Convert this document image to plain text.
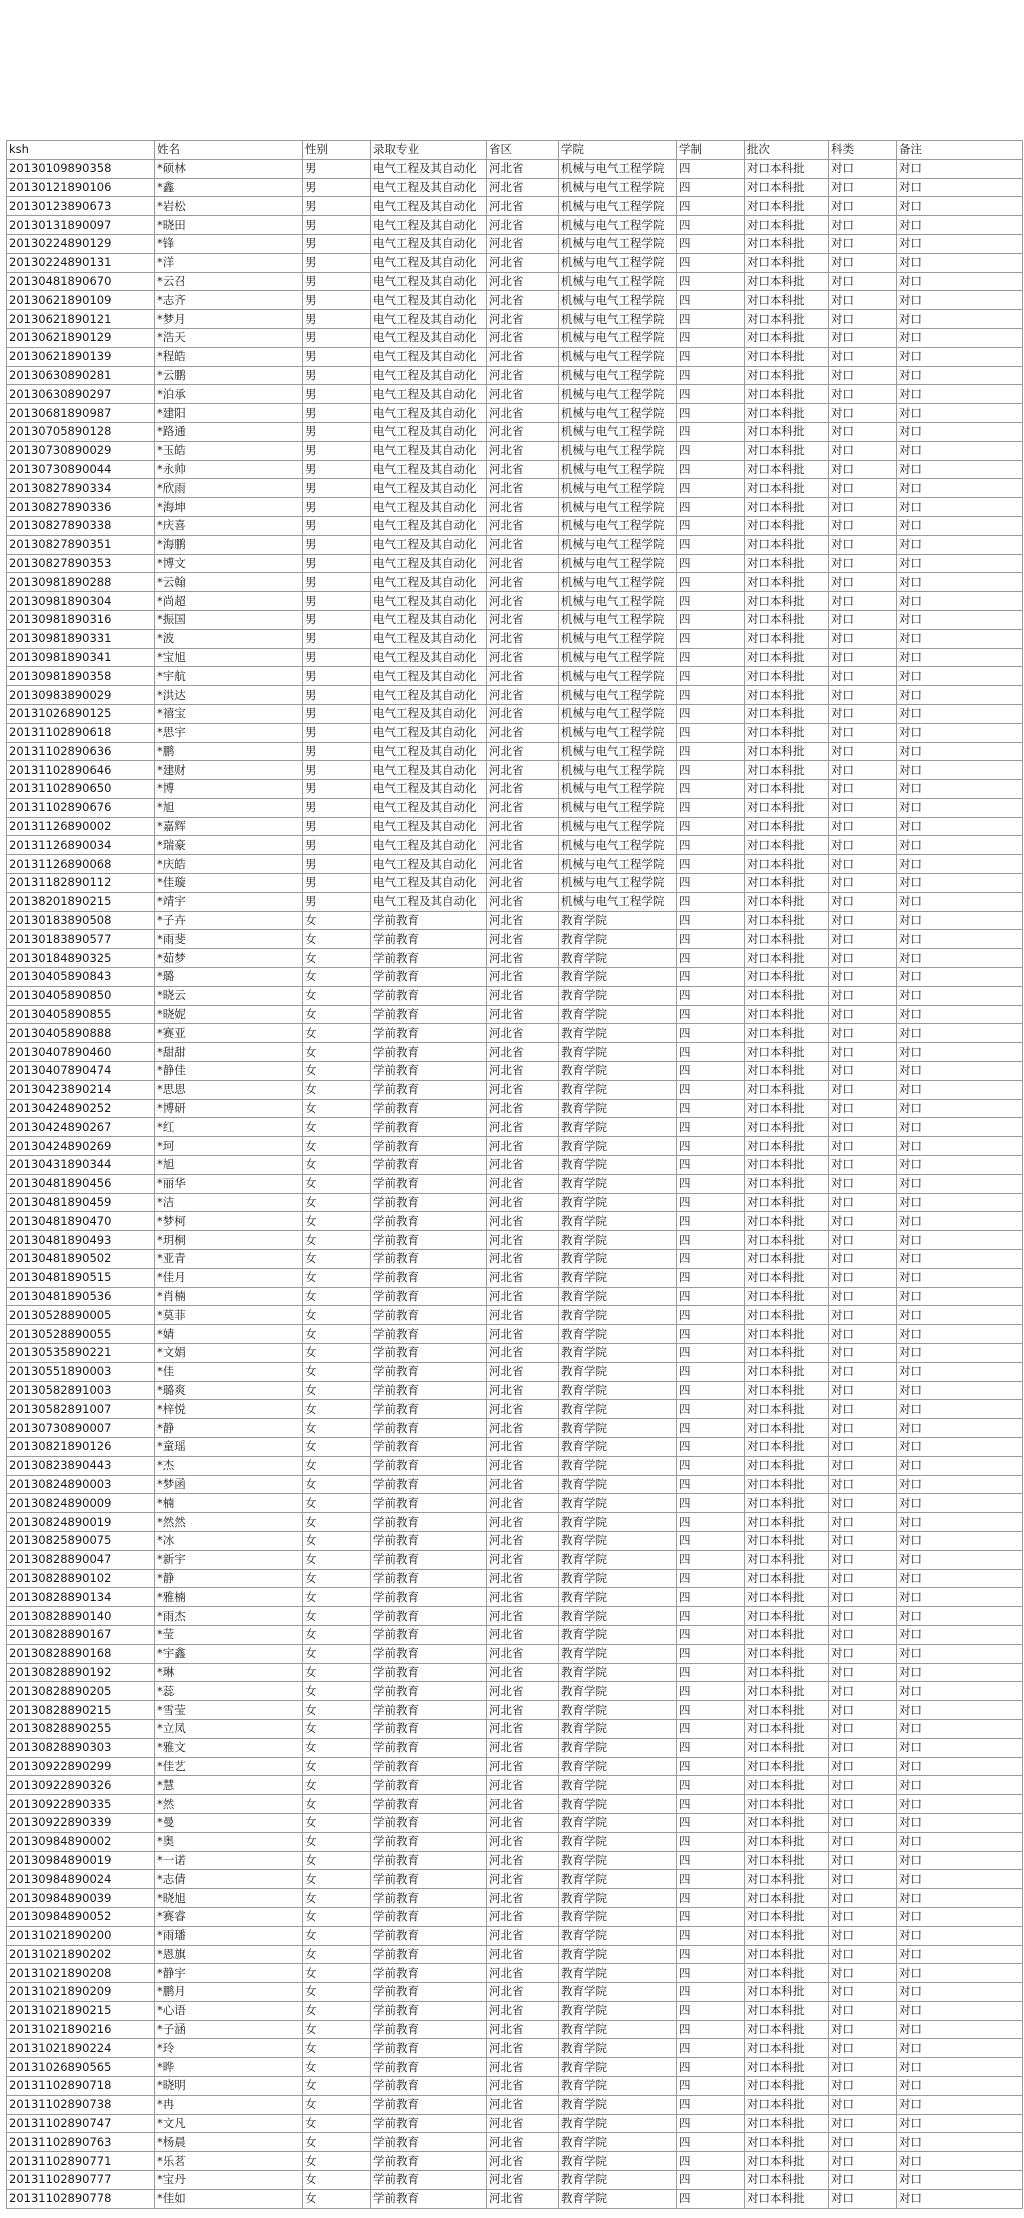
ksh	姓名	性别	录取专业	省区	学院	学制	批次	科类	备注
20130109890358	*硕林	男	电气工程及其自动化	河北省	机械与电气工程学院	四	对口本科批	对口	对口
20130121890106	*鑫	男	电气工程及其自动化	河北省	机械与电气工程学院	四	对口本科批	对口	对口
20130123890673	*岩松	男	电气工程及其自动化	河北省	机械与电气工程学院	四	对口本科批	对口	对口
20130131890097	*晓田	男	电气工程及其自动化	河北省	机械与电气工程学院	四	对口本科批	对口	对口
20130224890129	*锋	男	电气工程及其自动化	河北省	机械与电气工程学院	四	对口本科批	对口	对口
20130224890131	*洋	男	电气工程及其自动化	河北省	机械与电气工程学院	四	对口本科批	对口	对口
20130481890670	*云召	男	电气工程及其自动化	河北省	机械与电气工程学院	四	对口本科批	对口	对口
20130621890109	*志齐	男	电气工程及其自动化	河北省	机械与电气工程学院	四	对口本科批	对口	对口
20130621890121	*梦月	男	电气工程及其自动化	河北省	机械与电气工程学院	四	对口本科批	对口	对口
20130621890129	*浩天	男	电气工程及其自动化	河北省	机械与电气工程学院	四	对口本科批	对口	对口
20130621890139	*程皓	男	电气工程及其自动化	河北省	机械与电气工程学院	四	对口本科批	对口	对口
20130630890281	*云鹏	男	电气工程及其自动化	河北省	机械与电气工程学院	四	对口本科批	对口	对口
20130630890297	*泊承	男	电气工程及其自动化	河北省	机械与电气工程学院	四	对口本科批	对口	对口
20130681890987	*建阳	男	电气工程及其自动化	河北省	机械与电气工程学院	四	对口本科批	对口	对口
20130705890128	*路通	男	电气工程及其自动化	河北省	机械与电气工程学院	四	对口本科批	对口	对口
20130730890029	*玉皓	男	电气工程及其自动化	河北省	机械与电气工程学院	四	对口本科批	对口	对口
20130730890044	*永帅	男	电气工程及其自动化	河北省	机械与电气工程学院	四	对口本科批	对口	对口
20130827890334	*欣雨	男	电气工程及其自动化	河北省	机械与电气工程学院	四	对口本科批	对口	对口
20130827890336	*海坤	男	电气工程及其自动化	河北省	机械与电气工程学院	四	对口本科批	对口	对口
20130827890338	*庆喜	男	电气工程及其自动化	河北省	机械与电气工程学院	四	对口本科批	对口	对口
20130827890351	*海鹏	男	电气工程及其自动化	河北省	机械与电气工程学院	四	对口本科批	对口	对口
20130827890353	*博文	男	电气工程及其自动化	河北省	机械与电气工程学院	四	对口本科批	对口	对口
20130981890288	*云翰	男	电气工程及其自动化	河北省	机械与电气工程学院	四	对口本科批	对口	对口
20130981890304	*尚超	男	电气工程及其自动化	河北省	机械与电气工程学院	四	对口本科批	对口	对口
20130981890316	*振国	男	电气工程及其自动化	河北省	机械与电气工程学院	四	对口本科批	对口	对口
20130981890331	*波	男	电气工程及其自动化	河北省	机械与电气工程学院	四	对口本科批	对口	对口
20130981890341	*宝旭	男	电气工程及其自动化	河北省	机械与电气工程学院	四	对口本科批	对口	对口
20130981890358	*宇航	男	电气工程及其自动化	河北省	机械与电气工程学院	四	对口本科批	对口	对口
20130983890029	*洪达	男	电气工程及其自动化	河北省	机械与电气工程学院	四	对口本科批	对口	对口
20131026890125	*禧宝	男	电气工程及其自动化	河北省	机械与电气工程学院	四	对口本科批	对口	对口
20131102890618	*思宇	男	电气工程及其自动化	河北省	机械与电气工程学院	四	对口本科批	对口	对口
20131102890636	*鹏	男	电气工程及其自动化	河北省	机械与电气工程学院	四	对口本科批	对口	对口
20131102890646	*建财	男	电气工程及其自动化	河北省	机械与电气工程学院	四	对口本科批	对口	对口
20131102890650	*博	男	电气工程及其自动化	河北省	机械与电气工程学院	四	对口本科批	对口	对口
20131102890676	*旭	男	电气工程及其自动化	河北省	机械与电气工程学院	四	对口本科批	对口	对口
20131126890002	*嘉辉	男	电气工程及其自动化	河北省	机械与电气工程学院	四	对口本科批	对口	对口
20131126890034	*瑞豪	男	电气工程及其自动化	河北省	机械与电气工程学院	四	对口本科批	对口	对口
20131126890068	*庆皓	男	电气工程及其自动化	河北省	机械与电气工程学院	四	对口本科批	对口	对口
20131182890112	*佳璇	男	电气工程及其自动化	河北省	机械与电气工程学院	四	对口本科批	对口	对口
20138201890215	*靖宇	男	电气工程及其自动化	河北省	机械与电气工程学院	四	对口本科批	对口	对口
20130183890508	*子卉	女	学前教育	河北省	教育学院	四	对口本科批	对口	对口
20130183890577	*雨斐	女	学前教育	河北省	教育学院	四	对口本科批	对口	对口
20130184890325	*茹梦	女	学前教育	河北省	教育学院	四	对口本科批	对口	对口
20130405890843	*璐	女	学前教育	河北省	教育学院	四	对口本科批	对口	对口
20130405890850	*晓云	女	学前教育	河北省	教育学院	四	对口本科批	对口	对口
20130405890855	*晓妮	女	学前教育	河北省	教育学院	四	对口本科批	对口	对口
20130405890888	*赛亚	女	学前教育	河北省	教育学院	四	对口本科批	对口	对口
20130407890460	*甜甜	女	学前教育	河北省	教育学院	四	对口本科批	对口	对口
20130407890474	*静佳	女	学前教育	河北省	教育学院	四	对口本科批	对口	对口
20130423890214	*思思	女	学前教育	河北省	教育学院	四	对口本科批	对口	对口
20130424890252	*博研	女	学前教育	河北省	教育学院	四	对口本科批	对口	对口
20130424890267	*红	女	学前教育	河北省	教育学院	四	对口本科批	对口	对口
20130424890269	*珂	女	学前教育	河北省	教育学院	四	对口本科批	对口	对口
20130431890344	*旭	女	学前教育	河北省	教育学院	四	对口本科批	对口	对口
20130481890456	*丽华	女	学前教育	河北省	教育学院	四	对口本科批	对口	对口
20130481890459	*洁	女	学前教育	河北省	教育学院	四	对口本科批	对口	对口
20130481890470	*梦柯	女	学前教育	河北省	教育学院	四	对口本科批	对口	对口
20130481890493	*玥桐	女	学前教育	河北省	教育学院	四	对口本科批	对口	对口
20130481890502	*亚青	女	学前教育	河北省	教育学院	四	对口本科批	对口	对口
20130481890515	*佳月	女	学前教育	河北省	教育学院	四	对口本科批	对口	对口
20130481890536	*肖楠	女	学前教育	河北省	教育学院	四	对口本科批	对口	对口
20130528890005	*莫菲	女	学前教育	河北省	教育学院	四	对口本科批	对口	对口
20130528890055	*婧	女	学前教育	河北省	教育学院	四	对口本科批	对口	对口
20130535890221	*文娟	女	学前教育	河北省	教育学院	四	对口本科批	对口	对口
20130551890003	*佳	女	学前教育	河北省	教育学院	四	对口本科批	对口	对口
20130582891003	*璐爽	女	学前教育	河北省	教育学院	四	对口本科批	对口	对口
20130582891007	*梓悦	女	学前教育	河北省	教育学院	四	对口本科批	对口	对口
20130730890007	*静	女	学前教育	河北省	教育学院	四	对口本科批	对口	对口
20130821890126	*童瑶	女	学前教育	河北省	教育学院	四	对口本科批	对口	对口
20130823890443	*杰	女	学前教育	河北省	教育学院	四	对口本科批	对口	对口
20130824890003	*梦函	女	学前教育	河北省	教育学院	四	对口本科批	对口	对口
20130824890009	*楠	女	学前教育	河北省	教育学院	四	对口本科批	对口	对口
20130824890019	*然然	女	学前教育	河北省	教育学院	四	对口本科批	对口	对口
20130825890075	*冰	女	学前教育	河北省	教育学院	四	对口本科批	对口	对口
20130828890047	*新宇	女	学前教育	河北省	教育学院	四	对口本科批	对口	对口
20130828890102	*静	女	学前教育	河北省	教育学院	四	对口本科批	对口	对口
20130828890134	*雅楠	女	学前教育	河北省	教育学院	四	对口本科批	对口	对口
20130828890140	*雨杰	女	学前教育	河北省	教育学院	四	对口本科批	对口	对口
20130828890167	*莹	女	学前教育	河北省	教育学院	四	对口本科批	对口	对口
20130828890168	*宇鑫	女	学前教育	河北省	教育学院	四	对口本科批	对口	对口
20130828890192	*琳	女	学前教育	河北省	教育学院	四	对口本科批	对口	对口
20130828890205	*蕊	女	学前教育	河北省	教育学院	四	对口本科批	对口	对口
20130828890215	*雪莹	女	学前教育	河北省	教育学院	四	对口本科批	对口	对口
20130828890255	*立凤	女	学前教育	河北省	教育学院	四	对口本科批	对口	对口
20130828890303	*雅文	女	学前教育	河北省	教育学院	四	对口本科批	对口	对口
20130922890299	*佳艺	女	学前教育	河北省	教育学院	四	对口本科批	对口	对口
20130922890326	*慧	女	学前教育	河北省	教育学院	四	对口本科批	对口	对口
20130922890335	*然	女	学前教育	河北省	教育学院	四	对口本科批	对口	对口
20130922890339	*曼	女	学前教育	河北省	教育学院	四	对口本科批	对口	对口
20130984890002	*奥	女	学前教育	河北省	教育学院	四	对口本科批	对口	对口
20130984890019	*一诺	女	学前教育	河北省	教育学院	四	对口本科批	对口	对口
20130984890024	*志倩	女	学前教育	河北省	教育学院	四	对口本科批	对口	对口
20130984890039	*晓旭	女	学前教育	河北省	教育学院	四	对口本科批	对口	对口
20130984890052	*赛睿	女	学前教育	河北省	教育学院	四	对口本科批	对口	对口
20131021890200	*雨璠	女	学前教育	河北省	教育学院	四	对口本科批	对口	对口
20131021890202	*恩旗	女	学前教育	河北省	教育学院	四	对口本科批	对口	对口
20131021890208	*静宇	女	学前教育	河北省	教育学院	四	对口本科批	对口	对口
20131021890209	*鹏月	女	学前教育	河北省	教育学院	四	对口本科批	对口	对口
20131021890215	*心语	女	学前教育	河北省	教育学院	四	对口本科批	对口	对口
20131021890216	*子涵	女	学前教育	河北省	教育学院	四	对口本科批	对口	对口
20131021890224	*玲	女	学前教育	河北省	教育学院	四	对口本科批	对口	对口
20131026890565	*晔	女	学前教育	河北省	教育学院	四	对口本科批	对口	对口
20131102890718	*晓明	女	学前教育	河北省	教育学院	四	对口本科批	对口	对口
20131102890738	*冉	女	学前教育	河北省	教育学院	四	对口本科批	对口	对口
20131102890747	*文凡	女	学前教育	河北省	教育学院	四	对口本科批	对口	对口
20131102890763	*杨晨	女	学前教育	河北省	教育学院	四	对口本科批	对口	对口
20131102890771	*乐茗	女	学前教育	河北省	教育学院	四	对口本科批	对口	对口
20131102890777	*宝丹	女	学前教育	河北省	教育学院	四	对口本科批	对口	对口
20131102890778	*佳如	女	学前教育	河北省	教育学院	四	对口本科批	对口	对口
